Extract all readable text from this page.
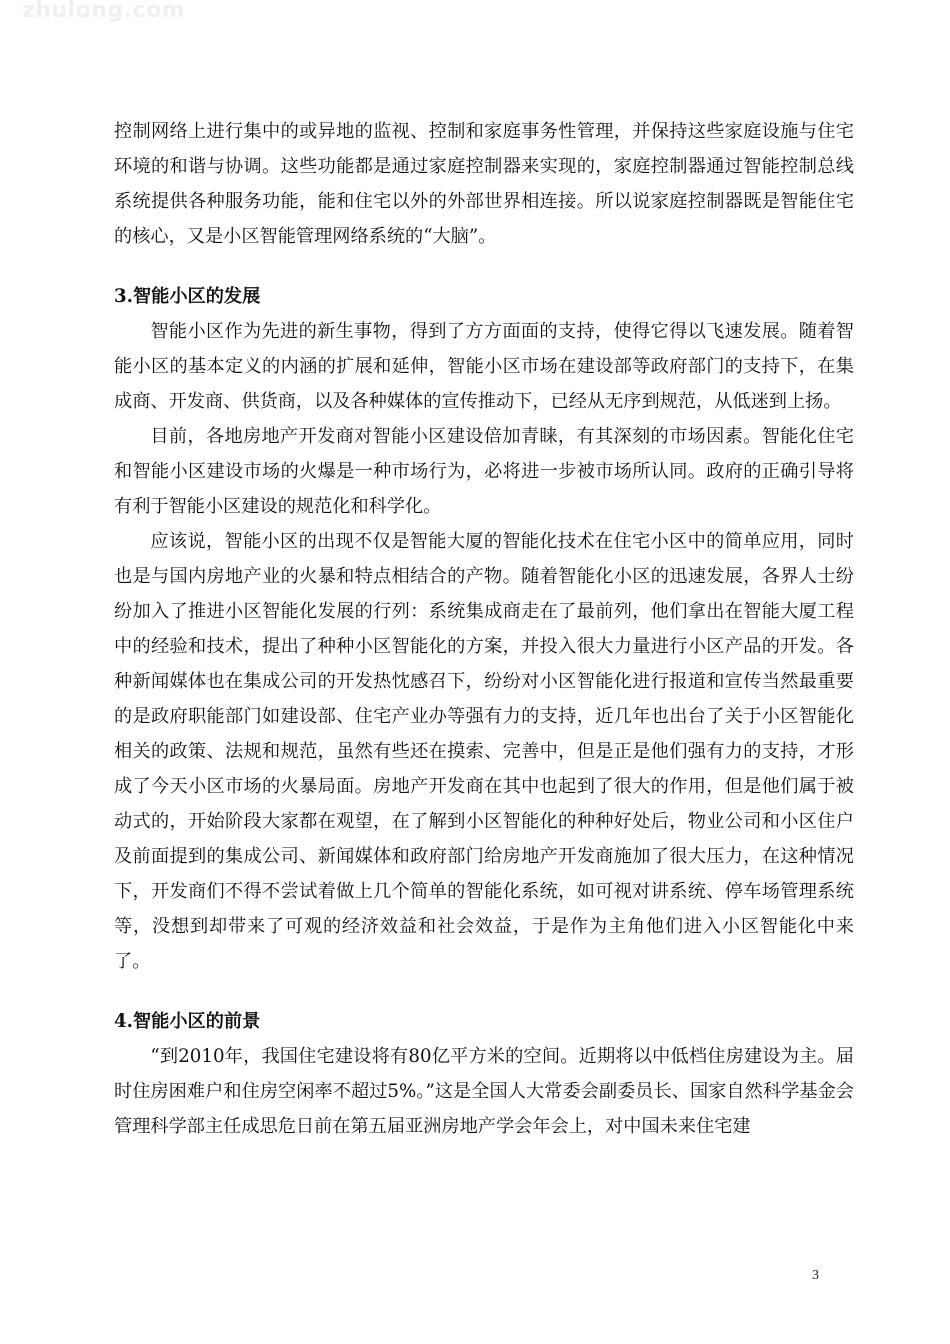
zhulong.com

控制网络上进行集中的或异地的监视、控制和家庭事务性管理，并保持这些家庭设施与住宅环境的和谐与协调。这些功能都是通过家庭控制器来实现的，家庭控制器通过智能控制总线系统提供各种服务功能，能和住宅以外的外部世界相连接。所以说家庭控制器既是智能住宅的核心，又是小区智能管理网络系统的“大脑”。

3.智能小区的发展

智能小区作为先进的新生事物，得到了方方面面的支持，使得它得以飞速发展。随着智能小区的基本定义的内涵的扩展和延伸，智能小区市场在建设部等政府部门的支持下，在集成商、开发商、供货商，以及各种媒体的宣传推动下，已经从无序到规范，从低迷到上扬。

目前，各地房地产开发商对智能小区建设倍加青睐，有其深刻的市场因素。智能化住宅和智能小区建设市场的火爆是一种市场行为，必将进一步被市场所认同。政府的正确引导将有利于智能小区建设的规范化和科学化。

应该说，智能小区的出现不仅是智能大厦的智能化技术在住宅小区中的简单应用，同时也是与国内房地产业的火暴和特点相结合的产物。随着智能化小区的迅速发展，各界人士纷纷加入了推进小区智能化发展的行列：系统集成商走在了最前列，他们拿出在智能大厦工程中的经验和技术，提出了种种小区智能化的方案，并投入很大力量进行小区产品的开发。各种新闻媒体也在集成公司的开发热忱感召下，纷纷对小区智能化进行报道和宣传当然最重要的是政府职能部门如建设部、住宅产业办等强有力的支持，近几年也出台了关于小区智能化相关的政策、法规和规范，虽然有些还在摸索、完善中，但是正是他们强有力的支持，才形成了今天小区市场的火暴局面。房地产开发商在其中也起到了很大的作用，但是他们属于被动式的，开始阶段大家都在观望，在了解到小区智能化的种种好处后，物业公司和小区住户及前面提到的集成公司、新闻媒体和政府部门给房地产开发商施加了很大压力，在这种情况下，开发商们不得不尝试着做上几个简单的智能化系统，如可视对讲系统、停车场管理系统等，没想到却带来了可观的经济效益和社会效益，于是作为主角他们进入小区智能化中来了。

4.智能小区的前景

“到2010年，我国住宅建设将有80亿平方米的空间。近期将以中低档住房建设为主。届时住房困难户和住房空闲率不超过5%。”这是全国人大常委会副委员长、国家自然科学基金会管理科学部主任成思危日前在第五届亚洲房地产学会年会上，对中国未来住宅建

3
